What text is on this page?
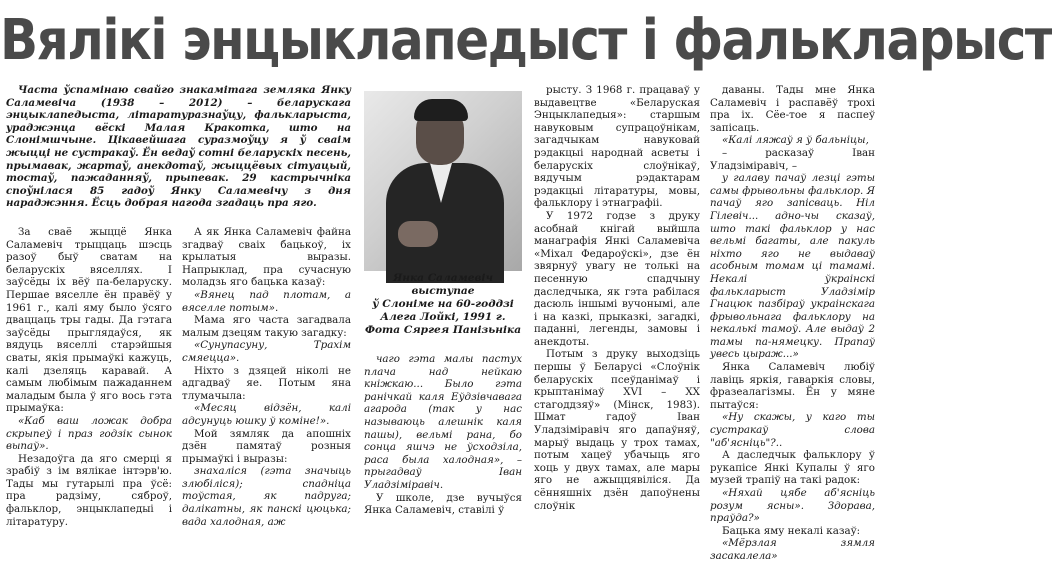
Вялікі энцыклапедыст і фалькларыст

Часта ўспамінаю свайго знакамітага земляка Янку Саламевіча (1938 – 2012) – беларускага энцыклапедыста, літаратуразнаўцу, фалькларыста, ураджэнца вёскі Малая Кракотка, што на Слонімшчыне. Цікавейшага суразмоўцу я ў сваім жыцці не сустракаў. Ён ведаў сотні беларускіх песень, прымавак, жартаў, анекдотаў, жыццёвых сітуацый, тостаў, пажаданняў, прыпевак. 29 кастрычніка споўнілася 85 гадоў Янку Саламевічу з дня нараджэння. Ёсць добрая нагода згадаць пра яго.

За сваё жыццё Янка Саламевіч трыццаць шэсць разоў быў сватам на беларускіх вяселлях. І заўсёды іх вёў па-беларуску. Першае вяселле ён правёў у 1961 г., калі яму было ўсяго дваццаць тры гады. Да гэтага заўсёды прыглядаўся, як вядуць вяселлі старэйшыя сваты, якія прымаўкі кажуць, калі дзеляць каравай. А самым любімым пажаданнем маладым была ў яго вось гэта прымаўка:

«Каб ваш ложак добра скрыпеў і праз годзік сынок выпаў».

Незадоўга да яго смерці я зрабіў з ім вялікае інтэрв'ю. Тады мы гутарылі пра ўсё: пра радзіму, сяброў, фальклор, энцыклапедыі і літаратуру.

А як Янка Саламевіч файна згадваў сваіх бацькоў, іх крылатыя выразы. Напрыклад, пра сучасную моладзь яго бацька казаў:

«Вянец пад плотам, а вяселле потым».

Мама яго часта загадвала малым дзецям такую загадку:

«Сунупасуну, Трахім смяецца».

Ніхто з дзяцей ніколі не адгадваў яе. Потым яна тлумачыла:

«Месяц відзён, калі адсунуць юшку ў коміне!».

Мой зямляк да апошніх дзён памятаў розныя прымаўкі і выразы:

знахаліся (гэта значыць злюбіліся); спадніца тоўстая, як падруга; далікатны, як панскі цюцька; вада халодная, аж

Янка Саламевіч выступае
ў Слоніме на 60-годдзі
Алега Лойкі, 1991 г.
Фота Сяргея Панізьніка

чаго гэта малы пастух плача над нейкаю кніжкаю... Было гэта ранічкай каля Еўдзівчавага агарода (так у нас называюць алешнік каля пашы), вельмі рана, бо сонца яшчэ не ўсходзіла, раса была халодная», – прыгадваў Іван Уладзіміравіч.

У школе, дзе вучыўся Янка Саламевіч, ставілі ў

рысту. З 1968 г. працаваў у выдавецтве «Беларуская Энцыклапедыя»: старшым навуковым супрацоўнікам, загадчыкам навуковай рэдакцыі народнай асветы і беларускіх слоўнікаў, вядучым рэдактарам рэдакцыі літаратуры, мовы, фальклору і этнаграфіі.

У 1972 годзе з друку асобнай кнігай выйшла манаграфія Янкі Саламевіча «Міхал Федароўскі», дзе ён звярнуў увагу не толькі на песенную спадчыну даследчыка, як гэта рабілася дасюль іншымі вучонымі, але і на казкі, прыказкі, загадкі, паданні, легенды, замовы і анекдоты.

Потым з друку выходзіць першы ў Беларусі «Слоўнік беларускіх псеўданімаў і крыптанімаў XVI – XX стагоддзяў» (Мінск, 1983). Шмат гадоў Іван Уладзіміравіч яго дапаўняў, марыў выдаць у трох тамах, потым хацеў убачыць яго хоць у двух тамах, але мары яго не ажыццявіліся. Да сённяшніх дзён дапоўнены слоўнік

даваны. Тады мне Янка Саламевіч і распавёў трохі пра іх. Сёе-тое я паспеў запісаць.

«Калі ляжаў я ў бальніцы,

– расказаў Іван Уладзіміравіч, –

у галаву пачаў лезці гэты самы фрывольны фальклор. Я пачаў яго запісваць. Ніл Гілевіч... адно-чы сказаў, што такі фальклор у нас вельмі багаты, але пакуль ніхто яго не выдаваў асобным томам ці тамамі. Некалі ўкраінскі фалькларыст Уладзімір Гнацюк пазбіраў украінскага фрывольнага фальклору на некалькі тамоў. Але выдаў 2 тамы па-нямецку. Прапаў увесь цыраж...»

Янка Саламевіч любіў лавіць яркія, гаваркія словы, фразеалагізмы. Ён у мяне пытаўся:

«Ну скажы, у каго ты сустракаў слова "аб'ясніць"?..

А даследчык фальклору ў рукапісе Янкі Купалы ў яго музей трапіў на такі радок:

«Няхай цябе аб'ясніць розум ясны». Здорава, праўда?»

Бацька яму некалі казаў:

«Мёрзлая зямля засакалела»
